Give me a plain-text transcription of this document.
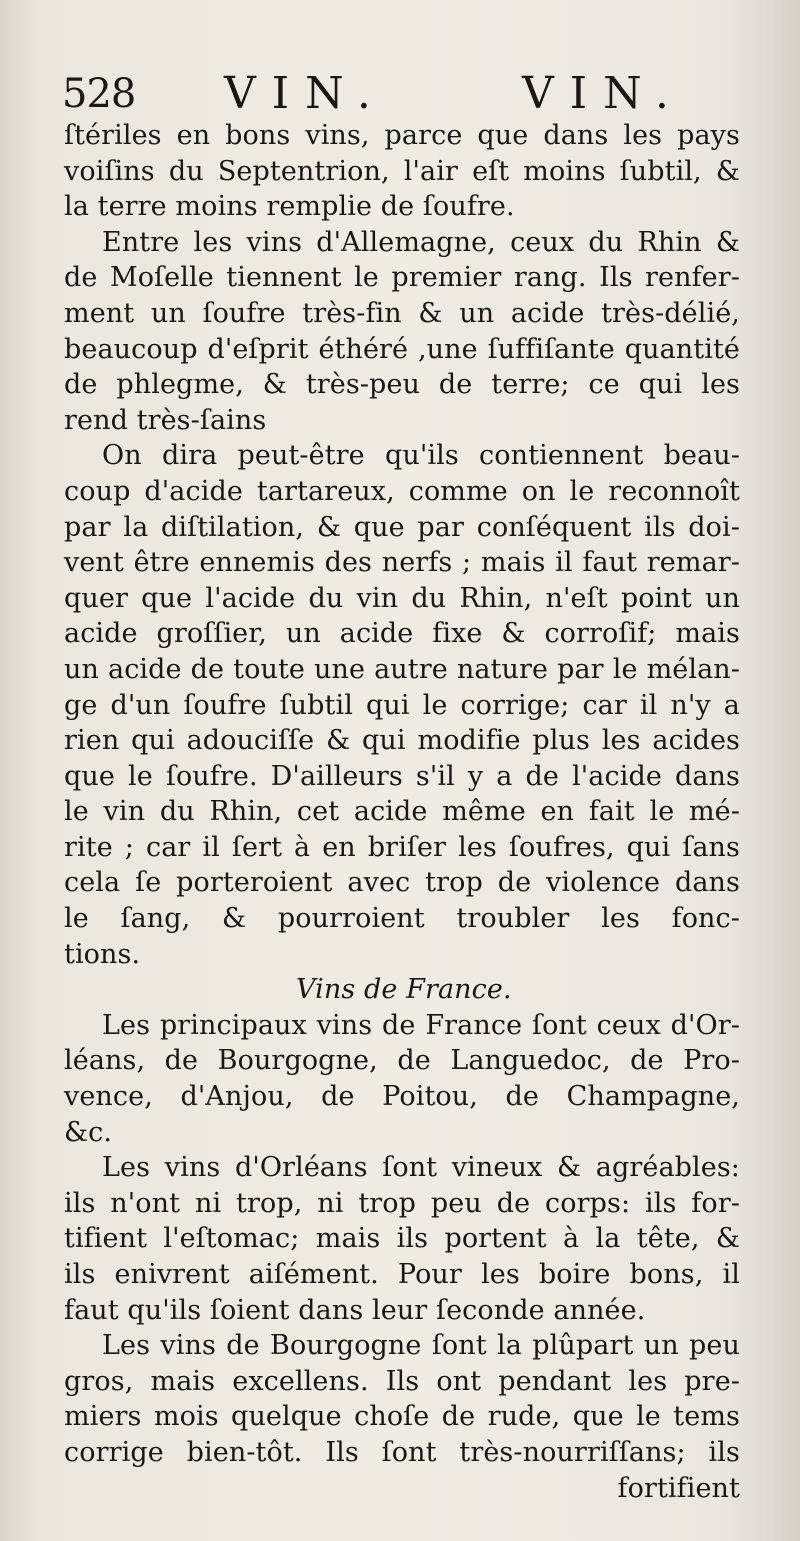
528 VIN.	VIN.
ſtériles en bons vins, parce que dans les pays
voiſins du Septentrion, l'air eſt moins ſubtil, &
la terre moins remplie de ſoufre.
Entre les vins d'Allemagne, ceux du Rhin &
de Moſelle tiennent le premier rang. Ils renfer-
ment un ſoufre très-fin & un acide très-délié,
beaucoup d'eſprit éthéré ,une ſuffiſante quantité
de phlegme, & très-peu de terre; ce qui les
rend très-ſains
On dira peut-être qu'ils contiennent beau-
coup d'acide tartareux, comme on le reconnoît
par la diſtilation, & que par conſéquent ils doi-
vent être ennemis des nerfs ; mais il faut remar-
quer que l'acide du vin du Rhin, n'eſt point un
acide groſſier, un acide fixe & corroſif; mais
un acide de toute une autre nature par le mélan-
ge d'un ſoufre ſubtil qui le corrige; car il n'y a
rien qui adouciſſe & qui modifie plus les acides
que le ſoufre. D'ailleurs s'il y a de l'acide dans
le vin du Rhin, cet acide même en fait le mé-
rite ; car il ſert à en briſer les ſoufres, qui ſans
cela ſe porteroient avec trop de violence dans
le ſang, & pourroient troubler les fonc-
tions.
Vins de France.
Les principaux vins de France ſont ceux d'Or-
léans, de Bourgogne, de Languedoc, de Pro-
vence, d'Anjou, de Poitou, de Champagne,
&c.
Les vins d'Orléans ſont vineux & agréables:
ils n'ont ni trop, ni trop peu de corps: ils for-
tifient l'eſtomac; mais ils portent à la tête, &
ils enivrent aiſément. Pour les boire bons, il
faut qu'ils ſoient dans leur ſeconde année.
Les vins de Bourgogne ſont la plûpart un peu
gros, mais excellens. Ils ont pendant les pre-
miers mois quelque choſe de rude, que le tems
corrige bien-tôt. Ils ſont très-nourriſſans; ils
fortifient
